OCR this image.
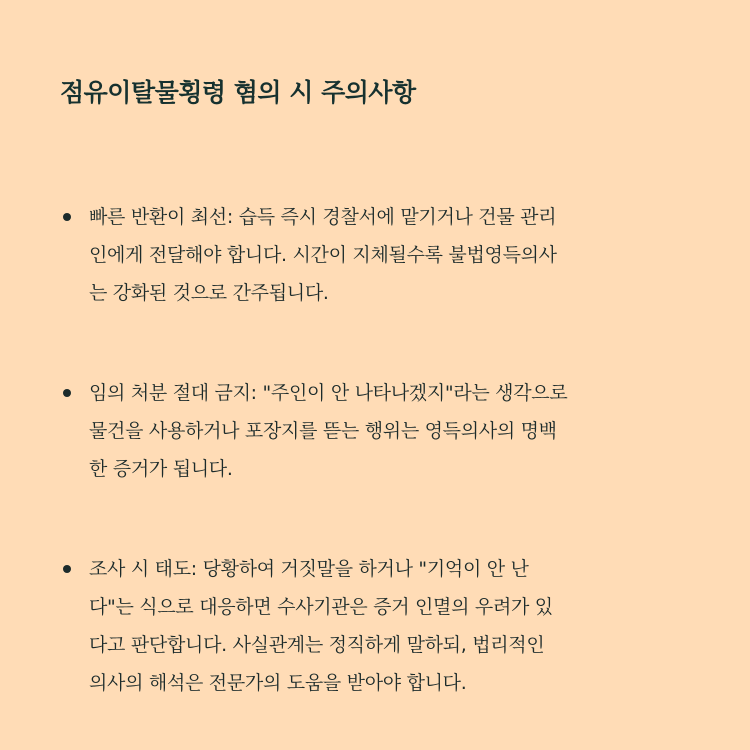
점유이탈물횡령 혐의 시 주의사항
빠른 반환이 최선: 습득 즉시 경찰서에 맡기거나 건물 관리
인에게 전달해야 합니다. 시간이 지체될수록 불법영득의사
는 강화된 것으로 간주됩니다.
임의 처분 절대 금지: "주인이 안 나타나겠지"라는 생각으로
물건을 사용하거나 포장지를 뜯는 행위는 영득의사의 명백
한 증거가 됩니다.
조사 시 태도: 당황하여 거짓말을 하거나 "기억이 안 난
다"는 식으로 대응하면 수사기관은 증거 인멸의 우려가 있
다고 판단합니다. 사실관계는 정직하게 말하되, 법리적인
의사의 해석은 전문가의 도움을 받아야 합니다.
